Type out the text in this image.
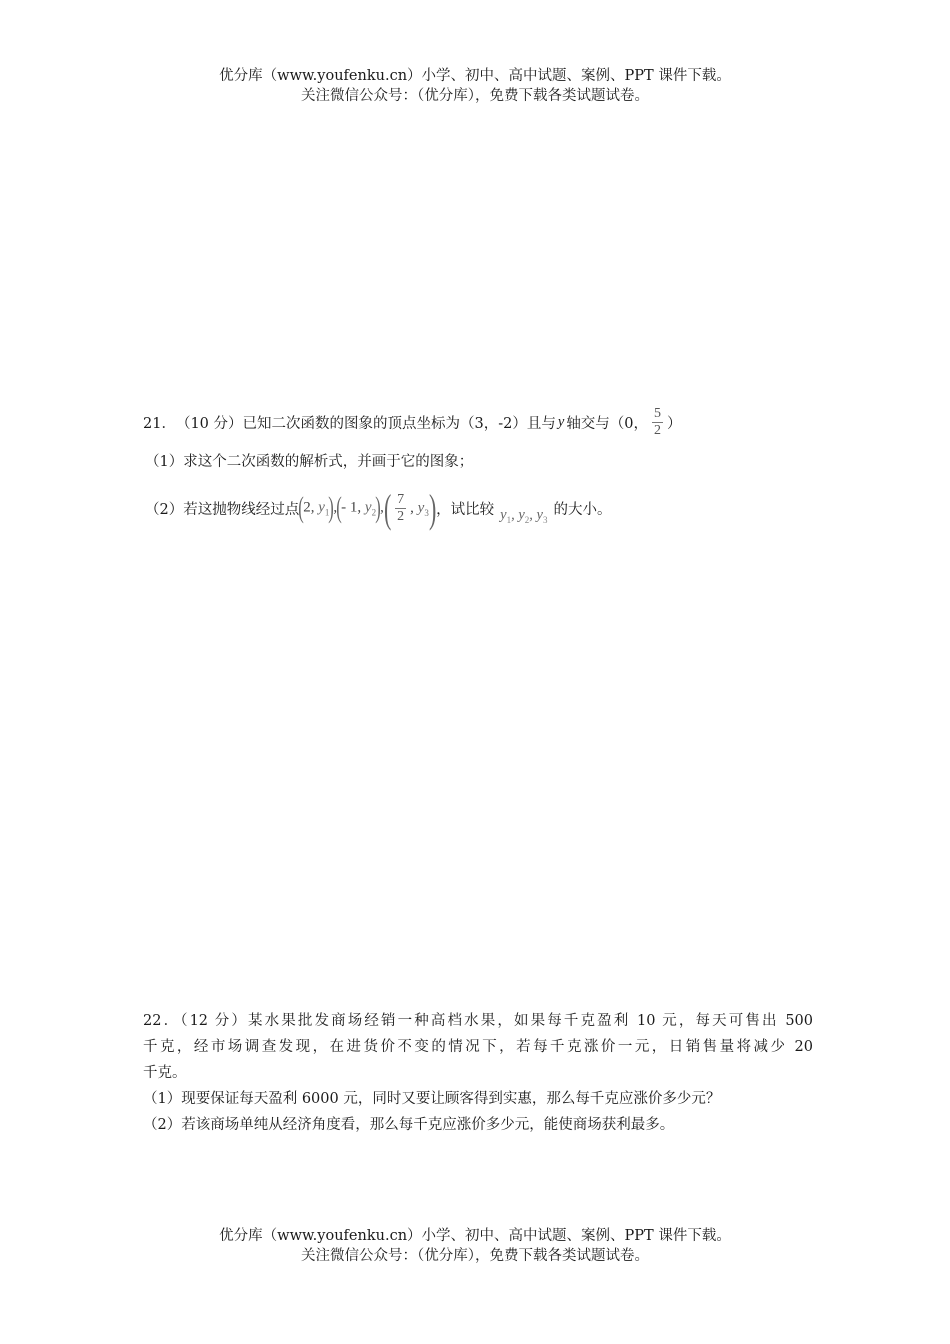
优分库（www.youfenku.cn）小学、初中、高中试题、案例、PPT 课件下载。
关注微信公众号：（优分库），免费下载各类试题试卷。
21． （10 分） 已知二次函数的图象的顶点坐标为（3，-2）且与 y 轴交与（0， $\frac{5}{2}$ ）
（1）求这个二次函数的解析式，并画于它的图象；
（2）若这抛物线经过点 (2, $y_1$), (- 1, $y_2$), ( $\frac{7}{2}$ , $y_3$) ，试比较 $y_1$, $y_2$, $y_3$
的大小。
22．（12 分）某水果批发商场经销一种高档水果，如果每千克盈利 10 元，每天可售出 500
千克，经市场调查发现，在进货价不变的情况下，若每千克涨价一元，日销售量将减少 20
千克。
（1）现要保证每天盈利 6000 元，同时又要让顾客得到实惠，那么每千克应涨价多少元？
（2）若该商场单纯从经济角度看，那么每千克应涨价多少元，能使商场获利最多。
优分库（www.youfenku.cn）小学、初中、高中试题、案例、PPT 课件下载。
关注微信公众号：（优分库），免费下载各类试题试卷。
